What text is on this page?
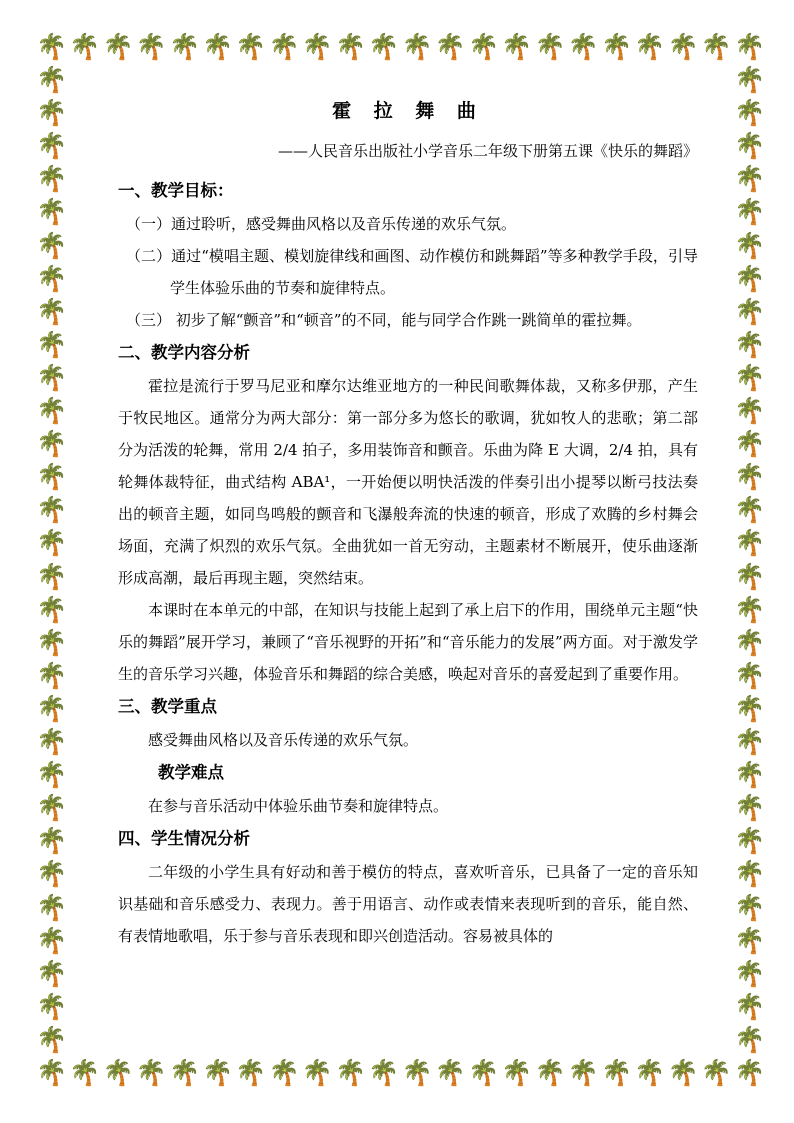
🌴
🌴
🌴
🌴
🌴
🌴
🌴
🌴
🌴
🌴
🌴
🌴
🌴
🌴
🌴
🌴
🌴
🌴
🌴
🌴
🌴
🌴
🌴
🌴
🌴
🌴
🌴
🌴
🌴
🌴
🌴
🌴
🌴
🌴
🌴
🌴
🌴
🌴
🌴
🌴
🌴
🌴
🌴
🌴
🌴	🌴
🌴	🌴
🌴	🌴
🌴	🌴
🌴	🌴
🌴	🌴
🌴	🌴
🌴	🌴
🌴	🌴
🌴	🌴
🌴	🌴
🌴	🌴
🌴	🌴
🌴	🌴
🌴	🌴
🌴	🌴
🌴	🌴
🌴	🌴
🌴	🌴
🌴	🌴
🌴	🌴
🌴	🌴
🌴	🌴
🌴	🌴
🌴	🌴
🌴	🌴
🌴	🌴
🌴	🌴
🌴	🌴
🌴	🌴
霍 拉 舞 曲
——人民音乐出版社小学音乐二年级下册第五课《快乐的舞蹈》
一、教学目标：

（一）通过聆听，感受舞曲风格以及音乐传递的欢乐气氛。

（二）通过“模唱主题、模划旋律线和画图、动作模仿和跳舞蹈”等多种教学手段，引导学生体验乐曲的节奏和旋律特点。

（三） 初步了解“颤音”和“顿音”的不同，能与同学合作跳一跳简单的霍拉舞。

二、教学内容分析

霍拉是流行于罗马尼亚和摩尔达维亚地方的一种民间歌舞体裁，又称多伊那，产生于牧民地区。通常分为两大部分：第一部分多为悠长的歌调，犹如牧人的悲歌；第二部分为活泼的轮舞，常用 2/4 拍子，多用装饰音和颤音。乐曲为降 E 大调，2/4 拍，具有轮舞体裁特征，曲式结构 ABA¹，一开始便以明快活泼的伴奏引出小提琴以断弓技法奏出的顿音主题，如同鸟鸣般的颤音和飞瀑般奔流的快速的顿音，形成了欢腾的乡村舞会场面，充满了炽烈的欢乐气氛。全曲犹如一首无穷动，主题素材不断展开，使乐曲逐渐形成高潮，最后再现主题，突然结束。

本课时在本单元的中部，在知识与技能上起到了承上启下的作用，围绕单元主题“快乐的舞蹈”展开学习，兼顾了“音乐视野的开拓”和“音乐能力的发展”两方面。对于激发学生的音乐学习兴趣，体验音乐和舞蹈的综合美感，唤起对音乐的喜爱起到了重要作用。

三、教学重点

感受舞曲风格以及音乐传递的欢乐气氛。

教学难点

在参与音乐活动中体验乐曲节奏和旋律特点。

四、学生情况分析

二年级的小学生具有好动和善于模仿的特点，喜欢听音乐，已具备了一定的音乐知识基础和音乐感受力、表现力。善于用语言、动作或表情来表现听到的音乐，能自然、有表情地歌唱，乐于参与音乐表现和即兴创造活动。容易被具体的
